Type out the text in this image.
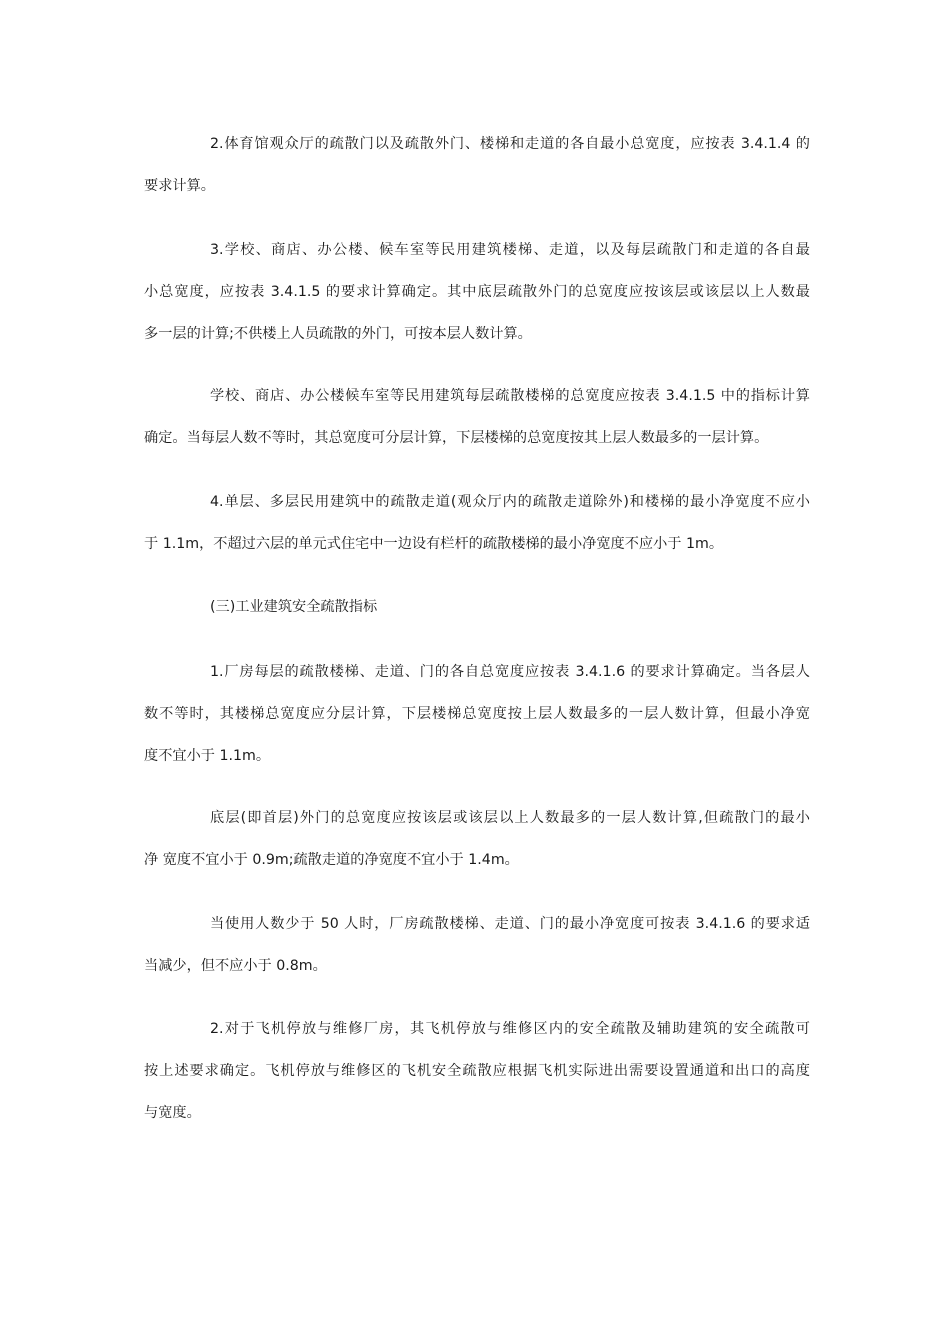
2.体育馆观众厅的疏散门以及疏散外门、楼梯和走道的各自最小总宽度，应按表 3.4.1.4 的
要求计算。
3.学校、商店、办公楼、候车室等民用建筑楼梯、走道，以及每层疏散门和走道的各自最
小总宽度，应按表 3.4.1.5 的要求计算确定。其中底层疏散外门的总宽度应按该层或该层以上人数最
多一层的计算;不供楼上人员疏散的外门，可按本层人数计算。
学校、商店、办公楼候车室等民用建筑每层疏散楼梯的总宽度应按表 3.4.1.5 中的指标计算
确定。当每层人数不等时，其总宽度可分层计算，下层楼梯的总宽度按其上层人数最多的一层计算。
4.单层、多层民用建筑中的疏散走道(观众厅内的疏散走道除外)和楼梯的最小净宽度不应小
于 1.1m，不超过六层的单元式住宅中一边设有栏杆的疏散楼梯的最小净宽度不应小于 1m。
(三)工业建筑安全疏散指标
1.厂房每层的疏散楼梯、走道、门的各自总宽度应按表 3.4.1.6 的要求计算确定。当各层人
数不等时，其楼梯总宽度应分层计算，下层楼梯总宽度按上层人数最多的一层人数计算，但最小净宽
度不宜小于 1.1m。
底层(即首层)外门的总宽度应按该层或该层以上人数最多的一层人数计算,但疏散门的最小
净 宽度不宜小于 0.9m;疏散走道的净宽度不宜小于 1.4m。
当使用人数少于 50 人时，厂房疏散楼梯、走道、门的最小净宽度可按表 3.4.1.6 的要求适
当减少，但不应小于 0.8m。
2.对于飞机停放与维修厂房，其飞机停放与维修区内的安全疏散及辅助建筑的安全疏散可
按上述要求确定。飞机停放与维修区的飞机安全疏散应根据飞机实际进出需要设置通道和出口的高度
与宽度。
